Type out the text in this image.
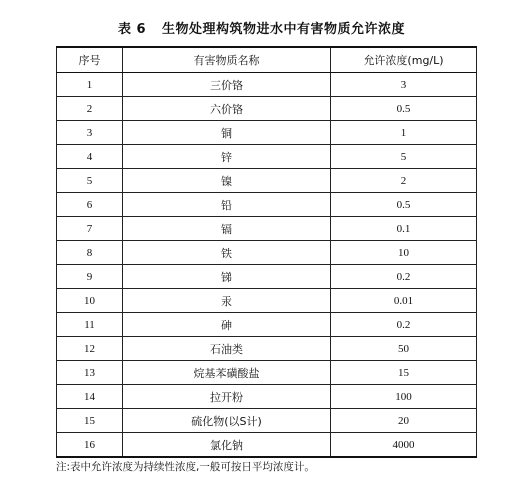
表 6 生物处理构筑物进水中有害物质允许浓度
序号	有害物质名称	允许浓度(mg/L)
1	三价铬	3
2	六价铬	0.5
3	铜	1
4	锌	5
5	镍	2
6	铅	0.5
7	镉	0.1
8	铁	10
9	锑	0.2
10	汞	0.01
11	砷	0.2
12	石油类	50
13	烷基苯磺酸盐	15
14	拉开粉	100
15	硫化物(以S计)	20
16	氯化钠	4000
注:表中允许浓度为持续性浓度,一般可按日平均浓度计。
